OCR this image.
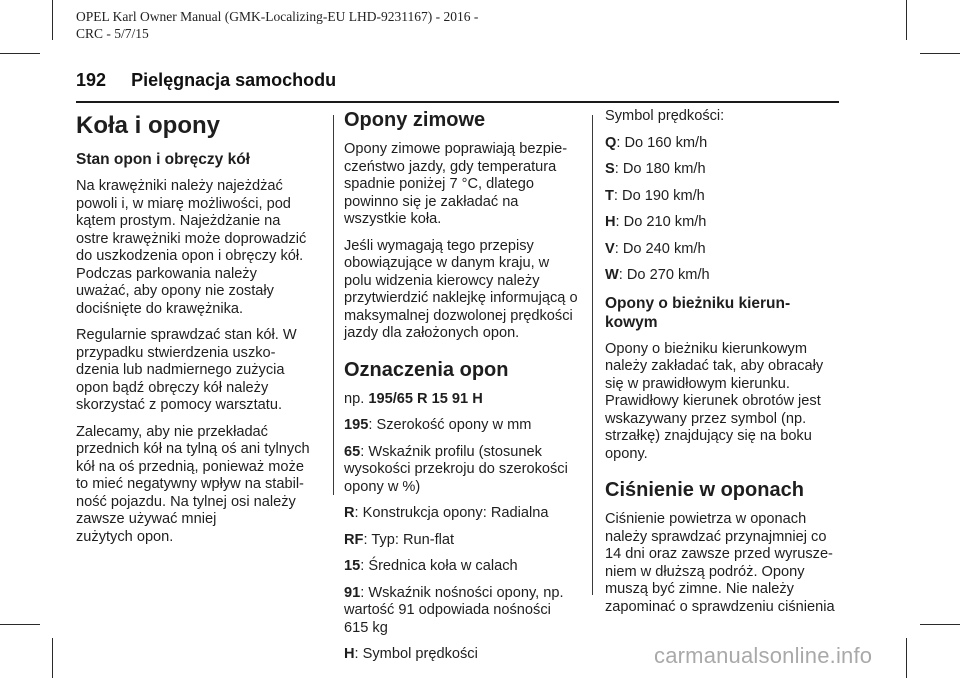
OPEL Karl Owner Manual (GMK-Localizing-EU LHD-9231167) - 2016 -
CRC - 5/7/15
192 Pielęgnacja samochodu
Koła i opony
Stan opon i obręczy kół

Na krawężniki należy najeżdżać
powoli i, w miarę możliwości, pod
kątem prostym. Najeżdżanie na
ostre krawężniki może doprowadzić
do uszkodzenia opon i obręczy kół.
Podczas parkowania należy
uważać, aby opony nie zostały
dociśnięte do krawężnika.

Regularnie sprawdzać stan kół. W
przypadku stwierdzenia uszko-
dzenia lub nadmiernego zużycia
opon bądź obręczy kół należy
skorzystać z pomocy warsztatu.

Zalecamy, aby nie przekładać
przednich kół na tylną oś ani tylnych
kół na oś przednią, ponieważ może
to mieć negatywny wpływ na stabil-
ność pojazdu. Na tylnej osi należy
zawsze używać mniej
zużytych opon.

Opony zimowe

Opony zimowe poprawiają bezpie-
czeństwo jazdy, gdy temperatura
spadnie poniżej 7 °C, dlatego
powinno się je zakładać na
wszystkie koła.

Jeśli wymagają tego przepisy
obowiązujące w danym kraju, w
polu widzenia kierowcy należy
przytwierdzić naklejkę informującą o
maksymalnej dozwolonej prędkości
jazdy dla założonych opon.

Oznaczenia opon

np. 195/65 R 15 91 H

195: Szerokość opony w mm

65: Wskaźnik profilu (stosunek
wysokości przekroju do szerokości
opony w %)

R: Konstrukcja opony: Radialna

RF: Typ: Run-flat

15: Średnica koła w calach

91: Wskaźnik nośności opony, np.
wartość 91 odpowiada nośności
615 kg

H: Symbol prędkości

Symbol prędkości:

Q: Do 160 km/h

S: Do 180 km/h

T: Do 190 km/h

H: Do 210 km/h

V: Do 240 km/h

W: Do 270 km/h

Opony o bieżniku kierun-
kowym

Opony o bieżniku kierunkowym
należy zakładać tak, aby obracały
się w prawidłowym kierunku.
Prawidłowy kierunek obrotów jest
wskazywany przez symbol (np.
strzałkę) znajdujący się na boku
opony.

Ciśnienie w oponach

Ciśnienie powietrza w oponach
należy sprawdzać przynajmniej co
14 dni oraz zawsze przed wyrusze-
niem w dłuższą podróż. Opony
muszą być zimne. Nie należy
zapominać o sprawdzeniu ciśnienia

carmanualsonline.info
